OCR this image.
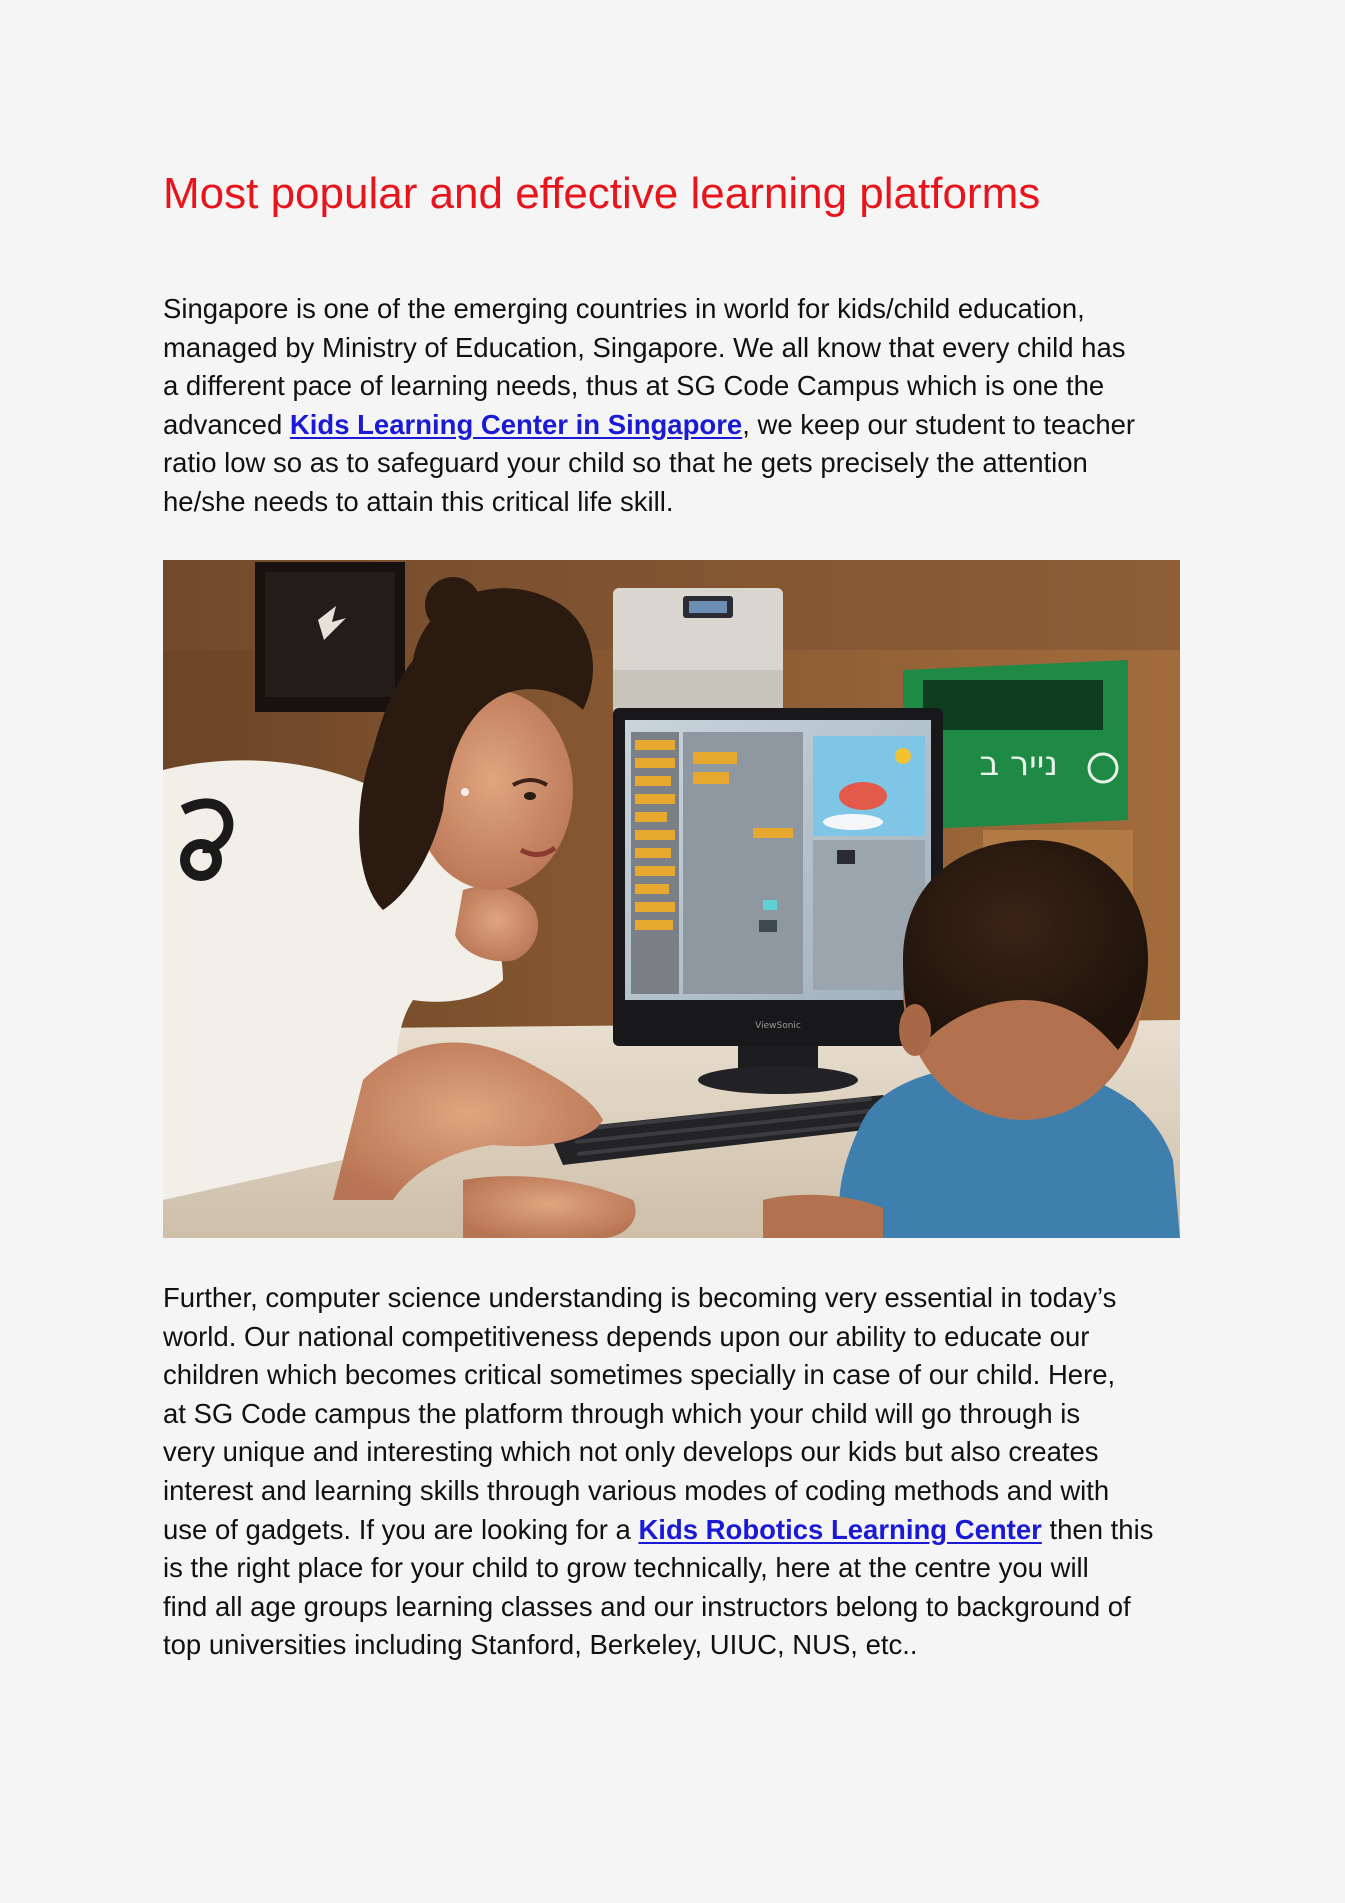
Most popular and effective learning platforms

Singapore is one of the emerging countries in world for kids/child education,
managed by Ministry of Education, Singapore. We all know that every child has
a different pace of learning needs, thus at SG Code Campus which is one the
advanced Kids Learning Center in Singapore, we keep our student to teacher
ratio low so as to safeguard your child so that he gets precisely the attention
he/she needs to attain this critical life skill.

נייר ב
ViewSonic

Further, computer science understanding is becoming very essential in today’s
world. Our national competitiveness depends upon our ability to educate our
children which becomes critical sometimes specially in case of our child. Here,
at SG Code campus the platform through which your child will go through is
very unique and interesting which not only develops our kids but also creates
interest and learning skills through various modes of coding methods and with
use of gadgets. If you are looking for a Kids Robotics Learning Center then this
is the right place for your child to grow technically, here at the centre you will
find all age groups learning classes and our instructors belong to background of
top universities including Stanford, Berkeley, UIUC, NUS, etc..
